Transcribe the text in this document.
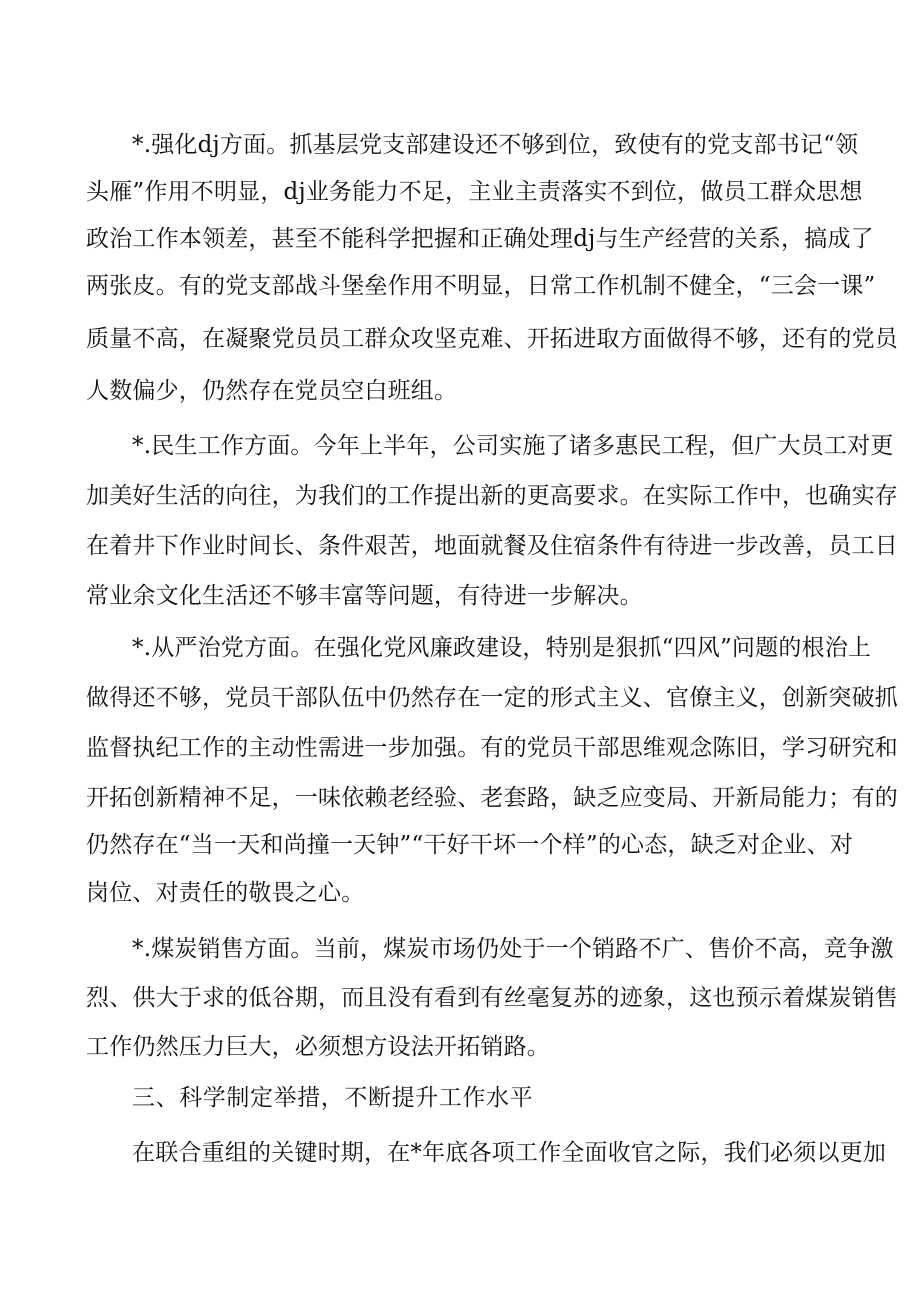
*.强化dj方面。抓基层党支部建设还不够到位，致使有的党支部书记“领
头雁”作用不明显，dj业务能力不足，主业主责落实不到位，做员工群众思想
政治工作本领差，甚至不能科学把握和正确处理dj与生产经营的关系，搞成了
两张皮。有的党支部战斗堡垒作用不明显，日常工作机制不健全，“三会一课”
质量不高，在凝聚党员员工群众攻坚克难、开拓进取方面做得不够，还有的党员
人数偏少，仍然存在党员空白班组。
*.民生工作方面。今年上半年，公司实施了诸多惠民工程，但广大员工对更
加美好生活的向往，为我们的工作提出新的更高要求。在实际工作中，也确实存
在着井下作业时间长、条件艰苦，地面就餐及住宿条件有待进一步改善，员工日
常业余文化生活还不够丰富等问题，有待进一步解决。
*.从严治党方面。在强化党风廉政建设，特别是狠抓“四风”问题的根治上
做得还不够，党员干部队伍中仍然存在一定的形式主义、官僚主义，创新突破抓
监督执纪工作的主动性需进一步加强。有的党员干部思维观念陈旧，学习研究和
开拓创新精神不足，一味依赖老经验、老套路，缺乏应变局、开新局能力；有的
仍然存在“当一天和尚撞一天钟”“干好干坏一个样”的心态，缺乏对企业、对
岗位、对责任的敬畏之心。
*.煤炭销售方面。当前，煤炭市场仍处于一个销路不广、售价不高，竞争激
烈、供大于求的低谷期，而且没有看到有丝毫复苏的迹象，这也预示着煤炭销售
工作仍然压力巨大，必须想方设法开拓销路。
三、科学制定举措，不断提升工作水平
在联合重组的关键时期，在*年底各项工作全面收官之际，我们必须以更加
